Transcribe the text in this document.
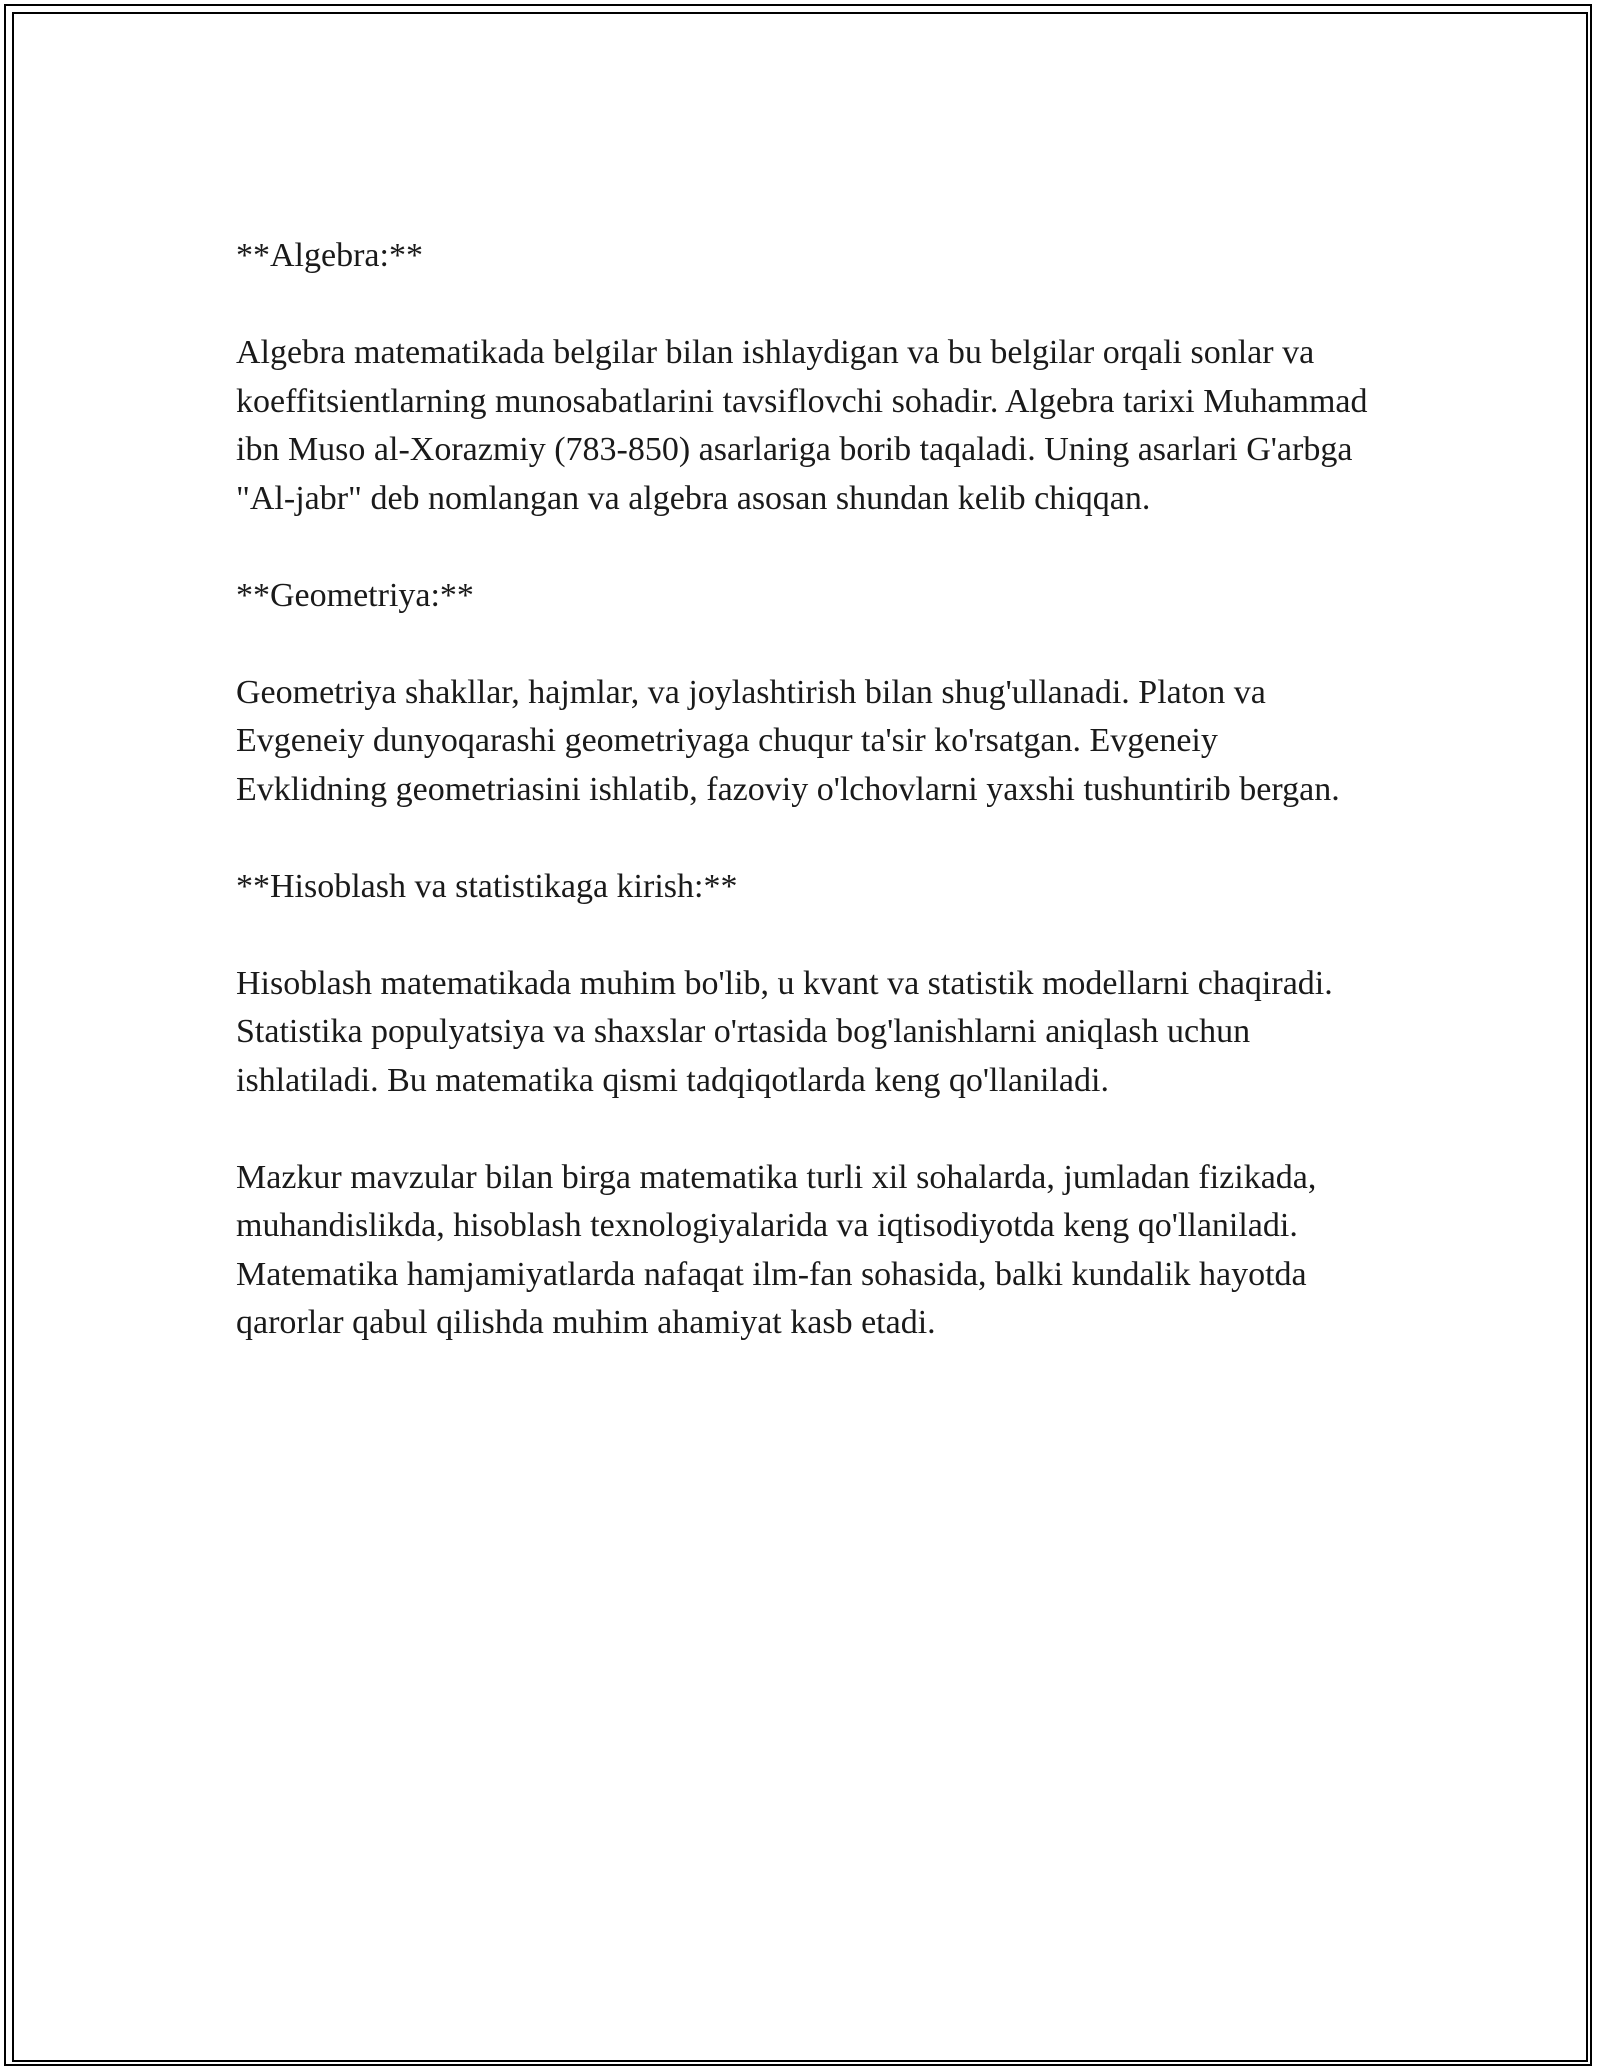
**Algebra:**

Algebra matematikada belgilar bilan ishlaydigan va bu belgilar orqali sonlar va koeffitsientlarning munosabatlarini tavsiflovchi sohadir. Algebra tarixi Muhammad ibn Muso al-Xorazmiy (783-850) asarlariga borib taqaladi. Uning asarlari G'arbga "Al-jabr" deb nomlangan va algebra asosan shundan kelib chiqqan.

**Geometriya:**

Geometriya shakllar, hajmlar, va joylashtirish bilan shug'ullanadi. Platon va Evgeneiy dunyoqarashi geometriyaga chuqur ta'sir ko'rsatgan. Evgeneiy Evklidning geometriasini ishlatib, fazoviy o'lchovlarni yaxshi tushuntirib bergan.

**Hisoblash va statistikaga kirish:**

Hisoblash matematikada muhim bo'lib, u kvant va statistik modellarni chaqiradi. Statistika populyatsiya va shaxslar o'rtasida bog'lanishlarni aniqlash uchun ishlatiladi. Bu matematika qismi tadqiqotlarda keng qo'llaniladi.

Mazkur mavzular bilan birga matematika turli xil sohalarda, jumladan fizikada, muhandislikda, hisoblash texnologiyalarida va iqtisodiyotda keng qo'llaniladi. Matematika hamjamiyatlarda nafaqat ilm-fan sohasida, balki kundalik hayotda qarorlar qabul qilishda muhim ahamiyat kasb etadi.
